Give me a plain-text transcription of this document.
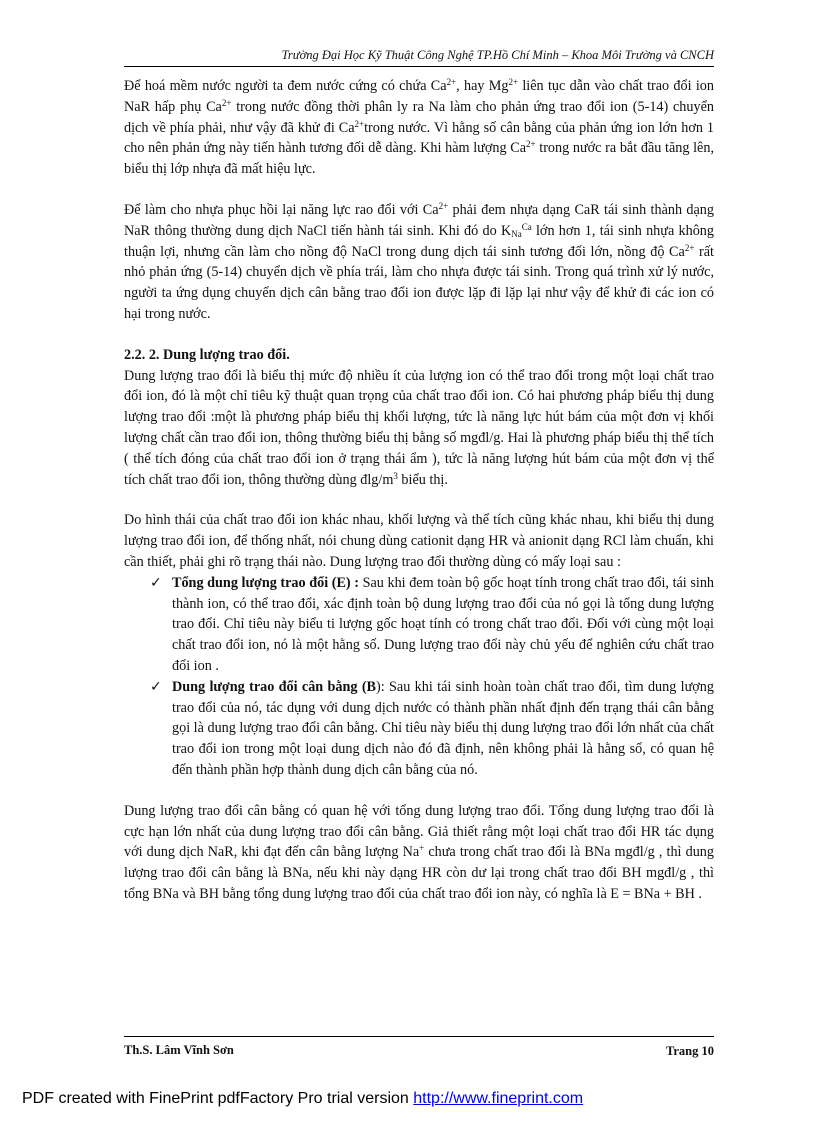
Trường Đại Học Kỹ Thuật Công Nghệ TP.Hồ Chí Minh – Khoa Môi Trường và CNCH

Để hoá mềm nước người ta đem nước cứng có chứa $Ca^{2+}$, hay $Mg^{2+}$ liên tục dẫn vào chất trao đổi ion NaR hấp phụ $Ca^{2+}$ trong nước đồng thời phân ly ra Na làm cho phản ứng trao đổi ion (5-14) chuyển dịch về phía phải, như vậy đã khử đi $Ca^{2+}trong$ nước. Vì hằng số cân bằng của phản ứng ion lớn hơn 1 cho nên phản ứng này tiến hành tương đối dễ dàng. Khi hàm lượng $Ca^{2+}$ trong nước ra bắt đầu tăng lên, biểu thị lớp nhựa đã mất hiệu lực.

Để làm cho nhựa phục hồi lại năng lực rao đổi với $Ca^{2+}$ phải đem nhựa dạng CaR tái sinh thành dạng NaR thông thường dung dịch NaCl tiến hành tái sinh. Khi đó do $K_{Na}^{Ca}$ lớn hơn 1, tái sinh nhựa không thuận lợi, nhưng cần làm cho nồng độ NaCl trong dung dịch tái sinh tương đối lớn, nồng độ $Ca^{2+}$ rất nhỏ phản ứng (5-14) chuyển dịch về phía trái, làm cho nhựa được tái sinh. Trong quá trình xử lý nước, người ta ứng dụng chuyển dịch cân bằng trao đổi ion được lặp đi lặp lại như vậy để khử đi các ion có hại trong nước.

2.2. 2. Dung lượng trao đổi.

Dung lượng trao đổi là biểu thị mức độ nhiều ít của lượng ion có thể trao đổi trong một loại chất trao đổi ion, đó là một chỉ tiêu kỹ thuật quan trọng của chất trao đổi ion. Có hai phương pháp biểu thị dung lượng trao đổi :một là phương pháp biểu thị khối lượng, tức là năng lực hút bám của một đơn vị khối lượng chất cần trao đổi ion, thông thường biểu thị bằng số mgđl/g. Hai là phương pháp biểu thị thể tích ( thể tích đóng của chất trao đổi ion ở trạng thái ẩm ), tức là năng lượng hút bám của một đơn vị thể tích chất trao đổi ion, thông thường dùng đlg/$m^3$ biểu thị.

Do hình thái của chất trao đổi ion khác nhau, khối lượng và thể tích cũng khác nhau, khi biểu thị dung lượng trao đổi ion, để thống nhất, nói chung dùng cationit dạng HR và anionit dạng RCl làm chuẩn, khi cần thiết, phải ghi rõ trạng thái nào. Dung lượng trao đổi thường dùng có mấy loại sau :

✓ Tổng dung lượng trao đổi (E) : Sau khi đem toàn bộ gốc hoạt tính trong chất trao đổi, tái sinh thành ion, có thể trao đổi, xác định toàn bộ dung lượng trao đổi của nó gọi là tổng dung lượng trao đổi. Chỉ tiêu này biểu ti lượng gốc hoạt tính có trong chất trao đổi. Đối với cùng một loại chất trao đổi ion, nó là một hằng số. Dung lượng trao đổi này chủ yếu để nghiên cứu chất trao đổi ion .
✓ Dung lượng trao đổi cân bằng (B): Sau khi tái sinh hoàn toàn chất trao đổi, tìm dung lượng trao đổi của nó, tác dụng với dung dịch nước có thành phần nhất định đến trạng thái cân bằng gọi là dung lượng trao đổi cân bằng. Chỉ tiêu này biểu thị dung lượng trao đổi lớn nhất của chất trao đổi ion trong một loại dung dịch nào đó đã định, nên không phải là hằng số, có quan hệ đến thành phần hợp thành dung dịch cân bằng của nó.

Dung lượng trao đổi cân bằng có quan hệ với tổng dung lượng trao đổi. Tổng dung lượng trao đổi là cực hạn lớn nhất của dung lượng trao đổi cân bằng. Giả thiết rằng một loại chất trao đổi HR tác dụng với dung dịch NaR, khi đạt đến cân bằng lượng Na+ chưa trong chất trao đổi là BNa mgđl/g , thì dung lượng trao đổi cân bằng là BNa, nếu khi này dạng HR còn dư lại trong chất trao đổi BH mgđl/g , thì tổng BNa và BH bằng tổng dung lượng trao đổi của chất trao đổi ion này, có nghĩa là E = BNa + BH .

Th.S. Lâm Vĩnh Sơn	Trang 10
PDF created with FinePrint pdfFactory Pro trial version http://www.fineprint.com
